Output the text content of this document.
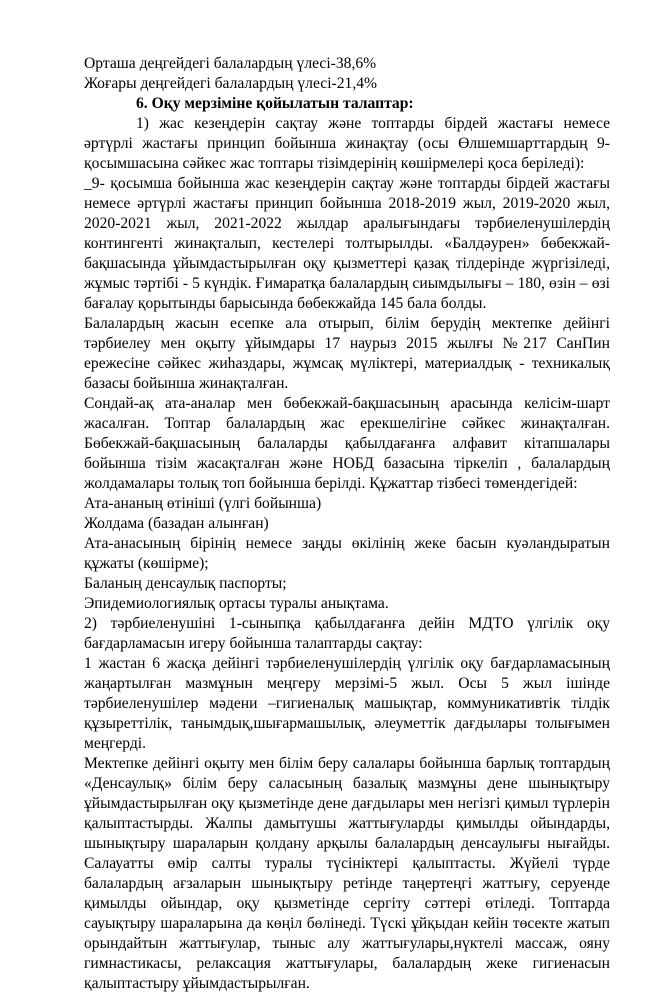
Орташа деңгейдегі балалардың үлесі-38,6%
Жоғары деңгейдегі балалардың үлесі-21,4%
6. Оқу мерзіміне қойылатын талаптар:
1) жас кезеңдерін сақтау және топтарды бірдей жастағы немесе әртүрлі жастағы принцип бойынша жинақтау (осы Өлшемшарттардың 9-қосымшасына сәйкес жас топтары тізімдерінің көшірмелері қоса беріледі):
_9- қосымша бойынша жас кезеңдерін сақтау және топтарды бірдей жастағы немесе әртүрлі жастағы принцип бойынша 2018-2019 жыл, 2019-2020 жыл, 2020-2021 жыл, 2021-2022 жылдар аралығындағы тәрбиеленушілердің контингенті жинақталып, кестелері толтырылды. «Балдәурен» бөбекжай-бақшасында ұйымдастырылған оқу қызметтері қазақ тілдерінде жүргізіледі, жұмыс тәртібі - 5 күндік. Ғимаратқа балалардың сиымдылығы – 180, өзін – өзі бағалау қорытынды барысында бөбекжайда 145 бала болды.
Балалардың жасын есепке ала отырып, білім берудің мектепке дейінгі тәрбиелеу мен оқыту ұйымдары 17 наурыз 2015 жылғы №217 СанПин ережесіне сәйкес жиһаздары, жұмсақ мүліктері, материалдық - техникалық базасы бойынша жинақталған.
Сондай-ақ ата-аналар мен бөбекжай-бақшасының арасында келісім-шарт жасалған. Топтар балалардың жас ерекшелігіне сәйкес жинақталған. Бөбекжай-бақшасының балаларды қабылдағанға алфавит кітапшалары бойынша тізім жасақталған және НОБД базасына тіркеліп , балалардың жолдамалары толық топ бойынша берілді. Құжаттар тізбесі төмендегідей:
Ата-ананың өтініші (үлгі бойынша)
Жолдама (базадан алынған)
Ата-анасының бірінің немесе заңды өкілінің жеке басын куәландыратын құжаты (көшірме);
Баланың денсаулық паспорты;
Эпидемиологиялық ортасы туралы анықтама.
2) тәрбиеленушіні 1-сыныпқа қабылдағанға дейін МДТО үлгілік оқу бағдарламасын игеру бойынша талаптарды сақтау:
1 жастан 6 жасқа дейінгі тәрбиеленушілердің үлгілік оқу бағдарламасының жаңартылған мазмұнын меңгеру мерзімі-5 жыл. Осы 5 жыл ішінде тәрбиеленушілер мәдени –гигиеналық машықтар, коммуникативтік тілдік құзыреттілік, танымдық,шығармашылық, әлеуметтік дағдылары толығымен меңгерді.
Мектепке дейінгі оқыту мен білім беру салалары бойынша барлық топтардың «Денсаулық» білім беру саласының базалық мазмұны дене шынықтыру ұйымдастырылған оқу қызметінде дене дағдылары мен негізгі қимыл түрлерін қалыптастырды. Жалпы дамытушы жаттығуларды қимылды ойындарды, шынықтыру шараларын қолдану арқылы балалардың денсаулығы нығайды. Салауатты өмір салты туралы түсініктері қалыптасты. Жүйелі түрде балалардың ағзаларын шынықтыру ретінде таңертеңгі жаттығу, серуенде қимылды ойындар, оқу қызметінде сергіту сәттері өтіледі. Топтарда сауықтыру шараларына да көңіл бөлінеді. Түскі ұйқыдан кейін төсекте жатып орындайтын жаттығулар, тыныс алу жаттығулары,нүктелі массаж, ояну гимнастикасы, релаксация жаттығулары, балалардың жеке гигиенасын қалыптастыру ұйымдастырылған.
